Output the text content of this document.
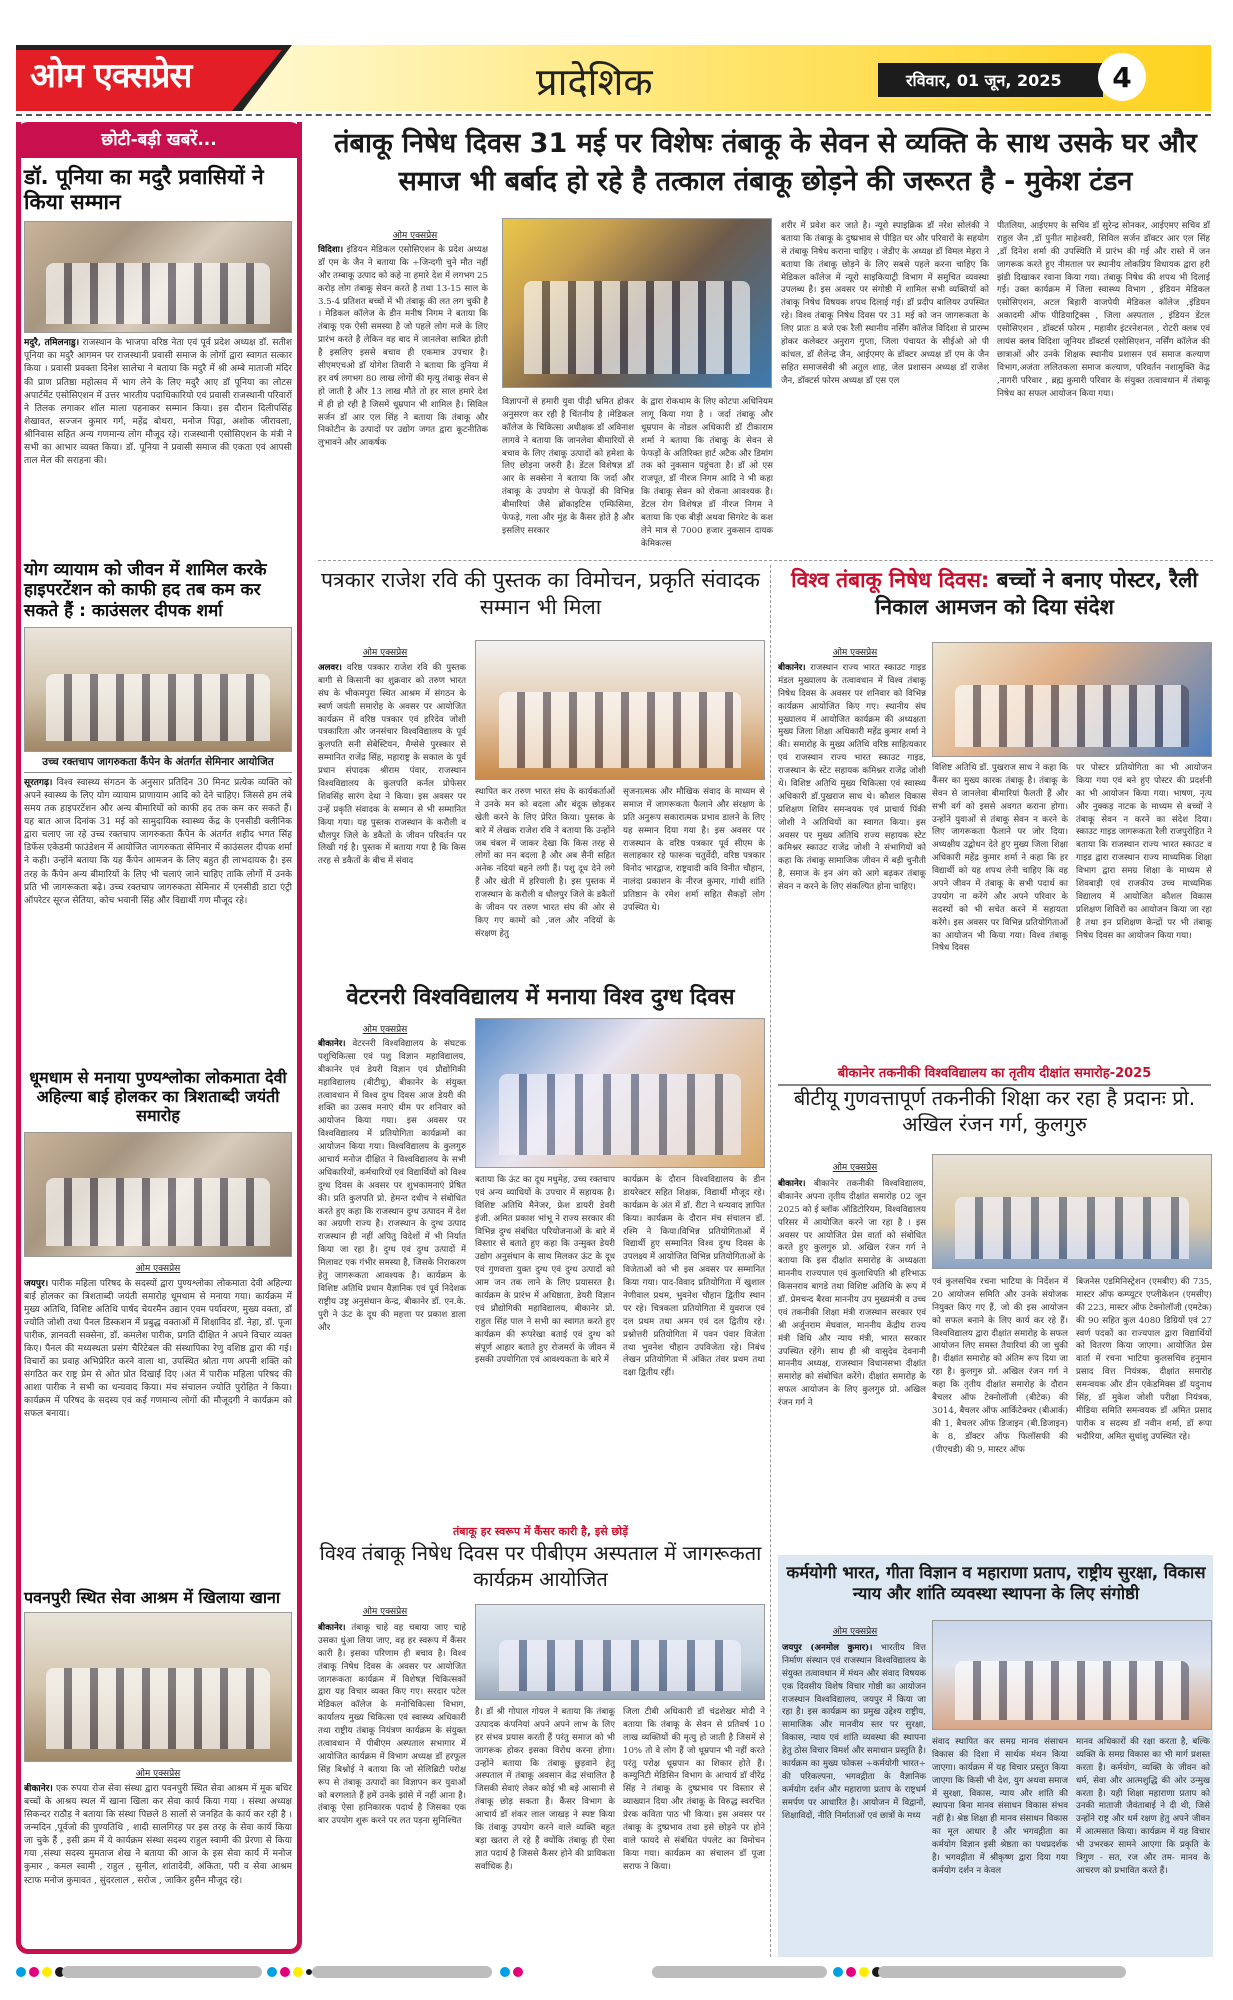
ओम एक्सप्रेस	प्रादेशिक	रविवार, 01 जून, 2025	4
छोटी-बड़ी खबरें...
डॉ. पूनिया का मदुरै प्रवासियों ने किया सम्मान
मदुरै, तमिलनाडु। राजस्थान के भाजपा वरिष्ठ नेता एवं पूर्व प्रदेश अध्यक्ष डॉ. सतीश पूनिया का मदुरै आगमन पर राजस्थानी प्रवासी समाज के लोगों द्वारा स्वागत सत्कार किया । प्रवासी प्रवक्ता दिनेश सालेचा ने बताया कि मदुरै में श्री अम्बे माताजी मंदिर की प्राण प्रतिष्ठा महोत्सव में भाग लेने के लिए मदुरै आए डॉ पूनिया का लोटस अपार्टमेंट एसोसिएशन में उत्तर भारतीय पदाधिकारियो एवं प्रवासी राजस्थानी परिवारों ने तिलक लगाकर शॉल माला पहनाकर सम्मान किया। इस दौरान दिलीपसिंह शेखावत, सज्जन कुमार गर्ग, महेंद्र बोथरा, मनोज पिढ़ा, अशोक जीरावला, श्रीनिवास सहित अन्य गणमान्य लोग मौजूद रहे। राजस्थानी एसोसिएशन के मंत्री ने सभी का आभार व्यक्त किया। डॉ. पूनिया ने प्रवासी समाज की एकता एवं आपसी ताल मेल की सराहना की।
योग व्यायाम को जीवन में शामिल करके हाइपरटेंशन को काफी हद तब कम कर सकते हैं : काउंसलर दीपक शर्मा
उच्च रक्तचाप जागरुकता कैंपेन के अंतर्गत सेमिनार आयोजित
सूरतगढ़। विश्व स्वास्थ्य संगठन के अनुसार प्रतिदिन 30 मिनट प्रत्येक व्यक्ति को अपने स्वास्थ्य के लिए योग व्यायाम प्राणायाम आदि को देने चाहिए। जिससे हम लंबे समय तक हाइपरटेंशन और अन्य बीमारियों को काफी हद तक कम कर सकते हैं। यह बात आज दिनांक 31 मई को सामुदायिक स्वास्थ्य केंद्र के एनसीडी क्लीनिक द्वारा चलाए जा रहे उच्च रक्तचाप जागरुकता कैंपेन के अंतर्गत शहीद भगत सिंह डिफेंस एकेडमी फाउंडेशन में आयोजित जागरुकता सेमिनार में काउंसलर दीपक शर्मा ने कही। उन्होंने बताया कि यह कैंपेन आमजन के लिए बहुत ही लाभदायक है। इस तरह के कैंपेन अन्य बीमारियों के लिए भी चलाएं जाने चाहिए ताकि लोगों में उनके प्रति भी जागरूकता बढ़े। उच्च रक्तचाप जागरुकता सेमिनार में एनसीडी डाटा एंट्री ऑपरेटर सूरज सेतिया, कोच भवानी सिंह और विद्यार्थी गण मौजूद रहे।
धूमधाम से मनाया पुण्यश्लोका लोकमाता देवी अहिल्या बाई होलकर का त्रिशताब्दी जयंती समारोह
ओम एक्सप्रेस
जयपुर। पारीक महिला परिषद के सदस्यों द्वारा पुण्यश्लोका लोकमाता देवी अहिल्या बाई होलकर का त्रिशताब्दी जयंती समारोह धूमधाम से मनाया गया। कार्यक्रम में मुख्य अतिथि, विशिष्ट अतिथि पार्षद चेयरमैन उद्यान एवम पर्यावरण, मुख्य वक्ता, डॉ ज्योति जोशी तथा पैनल डिस्कशन में प्रबुद्ध वक्ताओं में शिक्षाविद डॉ. नेहा, डॉ. पूजा पारीक, ज्ञानवती सक्सेना, डॉ. कमलेश पारीक, प्रगति दीक्षित ने अपने विचार व्यक्त किए। पैनल की मध्यस्थता प्रसंग चैरिटेबल की संस्थापिका रेणु वशिष्ठ द्वारा की गई। विचारों का प्रवाह अभिप्रेरित करने वाला था, उपस्थित श्रोता गण अपनी शक्ति को संगठित कर राष्ट्र प्रेम से ओत प्रोत दिखाई दिए ।अंत में पारीक महिला परिषद की आशा पारीक ने सभी का धन्यवाद किया। मंच संचालन ज्योति पुरोहित ने किया। कार्यक्रम में परिषद के सदस्य एवं कई गणमान्य लोगों की मौजूदगी ने कार्यक्रम को सफल बनाया।
पवनपुरी स्थित सेवा आश्रम में खिलाया खाना
ओम एक्सप्रेस
बीकानेर। एक रुपया रोज सेवा संस्था द्वारा पवनपुरी स्थित सेवा आश्रम में मूक बधिर बच्चों के आश्रय स्थल में खाना खिला कर सेवा कार्य किया गया । संस्था अध्यक्ष सिकन्दर राठौड़ ने बताया कि संस्था पिछले 8 सालों से जनहित के कार्य कर रही है ।जन्मदिन ,पूर्वजो की पुण्यतिथि , शादी सालगिरह पर इस तरह के सेवा कार्य किया जा चुके हैं , इसी क्रम में ये कार्यक्रम संस्था सदस्य राहुल स्वामी की प्रेरणा से किया गया ,संस्था सदस्य मुमताज शेख ने बताया की आज के इस सेवा कार्य में मनोज कुमार , कमल स्वामी , राहुल , सुनील, शांतादेवी, अंकिता, परी व सेवा आश्रम स्टाफ मनोज कुमावत , सुंदरलाल , सरोज , जाकिर हुसैन मौजूद रहे।
तंबाकू निषेध दिवस 31 मई पर विशेषः तंबाकू के सेवन से व्यक्ति के साथ उसके घर और समाज भी बर्बाद हो रहे है तत्काल तंबाकू छोड़ने की जरूरत है - मुकेश टंडन
ओम एक्सप्रेस
विदिशा। इंडियन मेडिकल एसोसिएशन के प्रदेश अध्यक्ष डॉ एम के जैन ने बताया कि ÷जिन्दगी चुने मौत नहीं और तम्बाकू उत्पाद को कहे ना हमारे देश में लगभग 25 करोड़ लोग तंबाकू सेवन करते है तथा 13-15 साल के 3.5-4 प्रतिशत बच्चों में भी तंबाकू की लत लग चुकी है । मेडिकल कॉलेज के डीन मनीष निगम ने बताया कि तंबाकू एक ऐसी समस्या है जो पहले लोग मजे के लिए प्रारंभ करते है लेकिन वह बाद में जानलेवा साबित होती है इसलिए इससे बचाव ही एकमात्र उपचार है। सीएमएचओ डॉ योगेश तिवारी ने बताया कि दुनिया में हर वर्ष लगभग 80 लाख लोगों की मृत्यु तंबाकू सेवन से हो जाती है और 13 लाख मौते तो हर साल हमारे देश में ही हो रही है जिसमें धूम्रपान भी शामिल है। सिविल सर्जन डॉ आर एल सिंह ने बताया कि तंबाकू और निकोटीन के उत्पादों पर उद्योग जगत द्वारा कूटनीतिक लुभावने और आकर्षक
विज्ञापनों से हमारी युवा पीढ़ी भ्रमित होकर अनुसरण कर रही है चिंतनीय है ।मेडिकल कॉलेज के चिकित्सा अधीक्षक डॉ अविनाश लागवे ने बताया कि जानलेवा बीमारियों से बचाव के लिए तंबाकू उत्पादों को हमेशा के लिए छोड़ना जरुरी है। डेंटल विशेषज्ञ डॉ आर के सक्सेना ने बताया कि जर्दा और तंबाकू के उपयोग से फेफड़ों की विभिन्न बीमारियां जैसे ब्रोंकाइटिस एम्फिसिमा, फेफड़े, गला और मुंह के कैंसर होते है और इसलिए सरकार
के द्वारा रोकथाम के लिए कोटपा अधिनियम लागू किया गया है । जर्दा तंबाकू और धूम्रपान के नोडल अधिकारी डॉ टीकाराम शर्मा ने बताया कि तंबाकू के सेवन से फेफड़ों के अतिरिक्त हार्ट अटैक और डिमांग तक को नुकसान पहुंचता है। डॉ ओ एस राजपूत, डॉ नीरज निगम आदि ने भी कहा कि तंबाकू सेवन को रोकना आवश्यक है। डेंटल रोग विशेषज्ञ डॉ नीरज निगम ने बताया कि एक बीड़ी अथवा सिगरेट के कश लेने मात्र से 7000 हजार नुकसान दायक केमिकल्स
शरीर में प्रवेश कर जाते है। न्यूरो स्पाइक्रिक डॉ नरेश सोलंकी ने बताया कि तंबाकू के दुष्प्रभाव से पीड़ित घर और परिवारों के सहयोग से तंबाकू निषेध कराना चाहिए । जेडीए के अध्यक्ष डॉ विमल मेहरा ने बताया कि तंबाकू छोड़ने के लिए सबसे पहले करना चाहिए कि मेडिकल कॉलेज में न्यूरो साइकियाट्री विभाग में समुचित व्यवस्था उपलब्ध है। इस अवसर पर संगोष्ठी में शामिल सभी व्यक्तियों को तंबाकू निषेध विषयक शपथ दिलाई गई। डॉ प्रदीप बालियर उपस्थित रहे। विश्व तंबाकू निषेध दिवस पर 31 मई को जन जागरूकता के लिए प्रातः 8 बजे एक रैली स्थानीय नर्सिंग कॉलेज विदिशा से प्रारम्भ होकर कलेक्टर अनुराग गुप्ता, जिला पंचायत के सीईओ ओ पी कांधल, डॉ शैलेन्द्र जैन, आईएमए के डॉक्टर अध्यक्ष डॉ एम के जैन सहित समाजसेवी श्री अतुल शाह, जेल प्रशासन अध्यक्ष डॉ राजेश जैन, डॉक्टर्स फोरम अध्यक्ष डॉ एस एल
पीतलिया, आईएमए के सचिव डॉ सुरेन्द्र सोनकर, आईएमए सचिव डॉ राहुल जैन ,डॉ पुनीत माहेश्वरी, सिविल सर्जन डॉक्टर आर एल सिंह ,डॉ दिनेश शर्मा की उपस्थिति में प्रारंभ की गई और रास्ते में जन जागरूक करते हुए नीमताल पर स्थानीय लोकप्रिय विधायक द्वारा हरी झंडी दिखाकर रवाना किया गया। तंबाकू निषेध की शपथ भी दिलाई गई। उक्त कार्यक्रम में जिला स्वास्थ्य विभाग , इंडियन मेडिकल एसोसिएशन, अटल बिहारी वाजपेयी मेडिकल कॉलेज ,इंडियन अकादमी ऑफ पीडियाट्रिक्स , जिला अस्पताल , इंडियन डेंटल एसोसिएशन , डॉक्टर्स फोरम , महावीर इंटरनेशनल , रोटरी क्लब एवं लायंस क्लब विदिशा जूनियर डॉक्टर्स एसोसिएशन, नर्सिंग कॉलेज की छात्राओं और उनके शिक्षक स्थानीय प्रशासन एवं समाज कल्याण विभाग,अजंता ललितकला समाज कल्याण, परिवर्तन नशामुक्ति केंद्र ,नागरी परिवार , ब्रह्म कुमारी परिवार के संयुक्त तत्वावधान में तंबाकू निषेध का सफल आयोजन किया गया।
पत्रकार राजेश रवि की पुस्तक का विमोचन, प्रकृति संवादक सम्मान भी मिला
ओम एक्सप्रेस
अलवर। वरिष्ठ पत्रकार राजेश रवि की पुस्तक बागी से किसानी का शुक्रवार को तरुण भारत संघ के भीकमपुरा स्थित आश्रम में संगठन के स्वर्ण जयंती समारोह के अवसर पर आयोजित कार्यक्रम में वरिष्ठ पत्रकार एवं हरिदेव जोशी पत्रकारिता और जनसंचार विश्वविद्यालय के पूर्व कुलपति सनी सेबेस्टियन, मैग्सेसे पुरस्कार से सम्मानित राजेंद्र सिंह, महाराष्ट्र के सकाल के पूर्व प्रधान संपादक श्रीराम पंवार, राजस्थान विश्वविद्यालय के कुलपति कर्नल प्रोफेसर शिवसिंह सारंग देथा ने किया। इस अवसर पर उन्हें प्रकृति संवादक के सम्मान से भी सम्मानित किया गया। यह पुस्तक राजस्थान के करौली व धौलपुर जिले के डकैतों के जीवन परिवर्तन पर लिखी गई है। पुस्तक में बताया गया है कि किस तरह से डकैतों के बीच में संवाद
स्थापित कर तरुण भारत संघ के कार्यकर्ताओं ने उनके मन को बदला और बंदूक छोड़कर खेती करने के लिए प्रेरित किया। पुस्तक के बारे में लेखक राजेश रवि ने बताया कि उन्होंने जब चंबल में जाकर देखा कि किस तरह से लोगों का मन बदला है और अब सैनी सहित अनेक नदियां बहने लगी हैं। पशु दूध देने लगे हैं और खेती में हरियाली है। इस पुस्तक में राजस्थान के करौली व धौलपुर जिले के डकैतों के जीवन पर तरुण भारत संघ की ओर से किए गए कामों को ,जल और नदियों के संरक्षण हेतु
सृजनात्मक और मौखिक संवाद के माध्यम से समाज में जागरूकता फैलाने और संरक्षण के प्रति अनुरूप सकारात्मक प्रभाव डालने के लिए यह सम्मान दिया गया है। इस अवसर पर राजस्थान के वरिष्ठ पत्रकार पूर्व सीएम के सलाहकार रहे फारूक चतुर्वेदी, वरिष्ठ पत्रकार विनोद भारद्वाज, राष्ट्रवादी कवि विनीत चौहान, नालंदा प्रकाशन के नीरज कुमार, गांधी शांति प्रतिष्ठान के रमेश शर्मा सहित सैकड़ों लोग उपस्थित थे।
वेटरनरी विश्वविद्यालय में मनाया विश्व दुग्ध दिवस
ओम एक्सप्रेस
बीकानेर। वेटरनरी विश्वविद्यालय के संघटक पशुचिकित्सा एवं पशु विज्ञान महाविद्यालय, बीकानेर एवं डेयरी विज्ञान एवं प्रौद्योगिकी महाविद्यालय (बीटीयू), बीकानेर के संयुक्त तत्वावधान में विश्व दुग्ध दिवस आज डेयरी की शक्ति का उत्सव मनाएं थीम पर शनिवार को आयोजन किया गया। इस अवसर पर विश्वविद्यालय में प्रतियोगिता कार्यक्रमों का आयोजन किया गया। विश्वविद्यालय के कुलगुरु आचार्य मनोज दीक्षित ने विश्वविद्यालय के सभी अधिकारियों, कर्मचारियों एवं विद्यार्थियों को विश्व दुग्ध दिवस के अवसर पर शुभकामनाएं प्रेषित की। प्रति कुलपति प्रो. हेमन्त दधीच ने संबोधित करते हुए कहा कि राजस्थान दुग्ध उत्पादन में देश का अग्रणी राज्य है। राजस्थान के दुग्ध उत्पाद राजस्थान ही नहीं अपितु विदेशों में भी निर्यात किया जा रहा है। दुग्ध एवं दुग्ध उत्पादों में मिलावट एक गंभीर समस्या है, जिसके निराकरण हेतु जागरूकता आवश्यक है। कार्यक्रम के विशिष्ट अतिथि प्रधान वैज्ञानिक एवं पूर्व निदेशक राष्ट्रीय उष्ट्र अनुसंधान केन्द्र, बीकानेर डॉ. एन.के. पुरी ने ऊंट के दूध की महत्ता पर प्रकाश डाला और
बताया कि ऊंट का दूध मधुमेह, उच्च रक्तचाप एवं अन्य व्याधियों के उपचार में सहायक है। विशिष्ट अतिथि मैनेजर, फ्रेश डायरी डेवरी इंजी. अमित प्रकाश भांभू ने राज्य सरकार की विभिन्न दुग्ध संबंधित परियोजनाओं के बारे में विस्तार से बताते हुए कहा कि उन्मुक्त डेयरी उद्योग अनुसंधान के साथ मिलकर ऊंट के दूध एवं गुणवत्ता युक्त दुग्ध एवं दुग्ध उत्पादों को आम जन तक लाने के लिए प्रयासरत है। कार्यक्रम के प्रारंभ में अधिष्ठाता, डेयरी विज्ञान एवं प्रौद्योगिकी महाविद्यालय, बीकानेर प्रो. राहुल सिंह पाल ने सभी का स्वागत करते हुए कार्यक्रम की रूपरेखा बताई एवं दुग्ध को संपूर्ण आहार बताते हुए रोजमर्रा के जीवन में इसकी उपयोगिता एवं आवश्यकता के बारे में
कार्यक्रम के दौरान विश्वविद्यालय के डीन डायरेक्टर सहित शिक्षक, विद्यार्थी मौजूद रहे। कार्यक्रम के अंत में डॉ. रीटा ने धन्यवाद ज्ञापित किया। कार्यक्रम के दौरान मंच संचालन डॉ. रश्मि ने किया।विभिन्न प्रतियोगिताओं में विद्यार्थी हुए सम्मानित विश्व दुग्ध दिवस के उपलक्ष्य में आयोजित विभिन्न प्रतियोगिताओं के विजेताओं को भी इस अवसर पर सम्मानित किया गया। पाद-विवाद प्रतियोगिता में खुशाल नेणीवाल प्रथम, भुवनेश चौहान द्वितीय स्थान पर रहे। चित्रकला प्रतियोगिता में युवराज एवं दल प्रथम तथा अमन एवं दल द्वितीय रहे। प्रश्नोत्तरी प्रतियोगिता में पवन पंवार विजेता तथा भुवनेश चौहान उपविजेता रहे। निबंध लेखन प्रतियोगिता में अंकित तंवर प्रथम तथा दक्षा द्वितीय रहीं।
तंबाकू हर स्वरूप में कैंसर कारी है, इसे छोड़ें
विश्व तंबाकू निषेध दिवस पर पीबीएम अस्पताल में जागरूकता कार्यक्रम आयोजित
ओम एक्सप्रेस
बीकानेर। तंबाकू चाहे वह चबाया जाए चाहे उसका धुंआ लिया जाए, वह हर स्वरूप में कैंसर कारी है। इसका परिणाम ही बचाव है। विश्व तंबाकू निषेध दिवस के अवसर पर आयोजित जागरूकता कार्यक्रम में विशेषज्ञ चिकित्सकों द्वारा यह विचार व्यक्त किए गए। सरदार पटेल मेडिकल कॉलेज के मनोचिकित्सा विभाग, कार्यालय मुख्य चिकित्सा एवं स्वास्थ्य अधिकारी तथा राष्ट्रीय तंबाकू नियंत्रण कार्यक्रम के संयुक्त तत्वावधान में पीबीएम अस्पताल सभागार में आयोजित कार्यक्रम में विभाग अध्यक्ष डॉ हरफूल सिंह बिश्नोई ने बताया कि जो सेलिब्रिटी परोक्ष रूप से तंबाकू उत्पादों का विज्ञापन कर युवाओं को बरगलाते हैं हमें उनके झांसे में नहीं आना है। तंबाकू ऐसा हानिकारक पदार्थ है जिसका एक बार उपयोग शुरू करने पर लत पड़ना सुनिश्चित
है। डॉ श्री गोपाल गोयल ने बताया कि तंबाकू उत्पादक कंपनियां अपने अपने लाभ के लिए हर संभव प्रयास करती हैं परंतु समाज को भी जागरूक होकर इसका विरोध करना होगा। उन्होंने बताया कि तंबाकू छुड़वाने हेतु अस्पताल में तंबाकू अवसान केंद्र संचालित है जिसकी सेवाएं लेकर कोई भी बड़े आसानी से तंबाकू छोड़ सकता है। कैंसर विभाग के आचार्य डॉ शंकर लाल जाखड़ ने स्पष्ट किया कि तंबाकू उपयोग करने वाले व्यक्ति बहुत बड़ा खतरा ले रहे हैं क्योंकि तंबाकू ही ऐसा ज्ञात पदार्थ है जिससे कैंसर होने की प्रायिकता सर्वाधिक है।
जिला टीबी अधिकारी डॉ चंद्रशेखर मोदी ने बताया कि तंबाकू के सेवन से प्रतिवर्ष 10 लाख व्यक्तियों की मृत्यु हो जाती है जिसमें से 10% तो वे लोग हैं जो धूम्रपान भी नहीं करते परंतु परोक्ष धूम्रपान का शिकार होते हैं। कम्युनिटी मेडिसिन विभाग के आचार्य डॉ वीरेंद्र सिंह ने तंबाकू के दुष्प्रभाव पर विस्तार से व्याख्यान दिया और तंबाकू के विरुद्ध स्वरचित प्रेरक कविता पाठ भी किया। इस अवसर पर तंबाकू के दुष्प्रभाव तथा इसे छोड़ने पर होने वाले फायदे से संबंधित पंपलेट का विमोचन किया गया। कार्यक्रम का संचालन डॉ पूजा सराफ ने किया।
विश्व तंबाकू निषेध दिवस: बच्चों ने बनाए पोस्टर, रैली निकाल आमजन को दिया संदेश
ओम एक्सप्रेस
बीकानेर। राजस्थान राज्य भारत स्काउट गाइड मंडल मुख्यालय के तत्वावधान में विश्व तंबाकू निषेध दिवस के अवसर पर शनिवार को विभिन्न कार्यक्रम आयोजित किए गए। स्थानीय संघ मुख्यालय में आयोजित कार्यक्रम की अध्यक्षता मुख्य जिला शिक्षा अधिकारी महेंद्र कुमार शर्मा ने की। समारोह के मुख्य अतिथि वरिष्ठ साहित्यकार एवं राजस्थान राज्य भारत स्काउट गाइड, राजस्थान के स्टेट सहायक कमिश्नर राजेंद्र जोशी थे। विशिष्ट अतिथि मुख्य चिकित्सा एवं स्वास्थ्य अधिकारी डॉ.पुखराज साध थे। कौशल विकास प्रशिक्षण शिविर समन्वयक एवं प्राचार्य पिंकी जोशी ने अतिथियों का स्वागत किया। इस अवसर पर मुख्य अतिथि राज्य सहायक स्टेट कमिश्नर स्काउट राजेंद्र जोशी ने संभागियों को कहा कि तंबाकू सामाजिक जीवन में बड़ी चुनौती है, समाज के इन अंग को आगे बढ़कर तंबाकू सेवन न करने के लिए संकल्पित होना चाहिए।
विशिष्ट अतिथि डॉ. पुखराज साध ने कहा कि कैंसर का मुख्य कारक तंबाकू है। तंबाकू के सेवन से जानलेवा बीमारियां फैलती हैं और सभी वर्ग को इससे अवगत कराना होगा। उन्होंने युवाओं से तंबाकू सेवन न करने के लिए जागरूकता फैलाने पर जोर दिया। अध्यक्षीय उद्बोधन देते हुए मुख्य जिला शिक्षा अधिकारी महेंद्र कुमार शर्मा ने कहा कि हर विद्यार्थी को यह शपथ लेनी चाहिए कि वह अपने जीवन में तंबाकू के सभी पदार्थ का उपयोग ना करेंगे और अपने परिवार के सदस्यों को भी सचेत करने में सहायता करेंगे। इस अवसर पर विभिन्न प्रतियोगिताओं का आयोजन भी किया गया। विश्व तंबाकू निषेध दिवस
पर पोस्टर प्रतियोगिता का भी आयोजन किया गया एवं बने हुए पोस्टर की प्रदर्शनी का भी आयोजन किया गया। भाषण, नृत्य और नुक्कड़ नाटक के माध्यम से बच्चों ने तंबाकू सेवन न करने का संदेश दिया। स्काउट गाइड जागरूकता रैली राजपुरोहित ने बताया कि राजस्थान राज्य भारत स्काउट व गाइड द्वारा राजस्थान राज्य माध्यमिक शिक्षा विभाग द्वारा समग्र शिक्षा के माध्यम से शिवबाड़ी एवं राजकीय उच्च माध्यमिक विद्यालय में आयोजित कौशल विकास प्रशिक्षण शिविरों का आयोजन किया जा रहा है तथा इन प्रशिक्षण केन्द्रों पर भी तंबाकू निषेध दिवस का आयोजन किया गया।
बीकानेर तकनीकी विश्वविद्यालय का तृतीय दीक्षांत समारोह-2025
बीटीयू गुणवत्तापूर्ण तकनीकी शिक्षा कर रहा है प्रदानः प्रो. अखिल रंजन गर्ग, कुलगुरु
ओम एक्सप्रेस
बीकानेर। बीकानेर तकनीकी विश्वविद्यालय, बीकानेर अपना तृतीय दीक्षांत समारोह 02 जून 2025 को ई ब्लॉक ऑडिटोरियम, विश्वविद्यालय परिसर में आयोजित करने जा रहा है । इस अवसर पर आयोजित प्रेस वार्ता को संबोधित करते हुए कुलगुरु प्रो. अखिल रंजन गर्ग ने बताया कि इस दीक्षांत समारोह के अध्यक्षता माननीय राज्यपाल एवं कुलाधिपति श्री हरिभाऊ किसनराव बागडे तथा विशिष्ट अतिथि के रूप में डॉ. प्रेमचन्द बैरवा माननीय उप मुख्यमंत्री व उच्च एवं तकनीकी शिक्षा मंत्री राजस्थान सरकार एवं श्री अर्जुनराम मेघवाल, माननीय केंद्रीय राज्य मंत्री विधि और न्याय मंत्री, भारत सरकार उपस्थित रहेंगे। साथ ही श्री वासुदेव देवनानी माननीय अध्यक्ष, राजस्थान विधानसभा दीक्षांत समारोह को संबोधित करेंगे। दीक्षांत समारोह के सफल आयोजन के लिए कुलगुरु प्रो. अखिल रंजन गर्ग ने
एवं कुलसचिव रचना भाटिया के निर्देशन में 20 आयोजन समिति और उनके संयोजक नियुक्त किए गए हैं, जो की इस आयोजन को सफल बनाने के लिए कार्य कर रहे हैं। विश्वविद्यालय द्वारा दीक्षांत समारोह के सफल आयोजन लिए समस्त तैयारियां की जा चुकी है। दीक्षांत समारोह को अंतिम रूप दिया जा रहा है। कुलगुरु प्रो. अखिल रंजन गर्ग ने कहा कि तृतीय दीक्षांत समारोह के दौरान बैचलर ऑफ टेक्नोलॉजी (बीटेक) की 3014, बैचलर ऑफ आर्किटेक्चर (बीआर्क) की 1, बैचलर ऑफ डिजाइन (बी.डिजाइन) के 8, डॉक्टर ऑफ फिलॉसफी की (पीएचडी) की 9, मास्टर ऑफ
बिजनेस एडमिनिस्ट्रेशन (एमबीए) की 735, मास्टर ऑफ कम्प्यूटर एप्लीकेशन (एमसीए) की 223, मास्टर ऑफ टेक्नोलॉजी (एमटेक) की 90 सहित कुल 4080 डिग्रियों एवं 27 स्वर्ण पदकों का राज्यपाल द्वारा विद्यार्थियों को वितरण किया जाएगा। आयोजित प्रेस वार्ता में रचना भाटिया कुलसचिव हनुमान प्रसाद वित्त नियंत्रक, दीक्षांत समारोह समन्वयक और डीन एकेडमिक्स डॉ यदुनाथ सिंह, डॉ मुकेश जोशी परीक्षा नियंत्रक, मीडिया समिति समन्वयक डॉ अमित प्रसाद पारीक व सदस्य डॉ नवीन शर्मा, डॉ रूपा भदौरिया, अमित सुधांशु उपस्थित रहे।
कर्मयोगी भारत, गीता विज्ञान व महाराणा प्रताप, राष्ट्रीय सुरक्षा, विकास न्याय और शांति व्यवस्था स्थापना के लिए संगोष्ठी
ओम एक्सप्रेस
जयपुर (अनमोल कुमार)। भारतीय वित्त निर्माण संस्थान एवं राजस्थान विश्वविद्यालय के संयुक्त तत्वावधान में मंथन और संवाद विषयक एक दिवसीय विशेष विचार गोष्ठी का आयोजन राजस्थान विश्वविद्यालय, जयपुर में किया जा रहा है। इस कार्यक्रम का प्रमुख उद्देश्य राष्ट्रीय, सामाजिक और मानवीय स्तर पर सुरक्षा, विकास, न्याय एवं शांति व्यवस्था की स्थापना हेतु ठोस विचार विमर्श और समाधान प्रस्तुति है। कार्यक्रम का मुख्य फोकस ÷कर्मयोगी भारत÷ की परिकल्पना, भगवद्गीता के वैज्ञानिक कर्मयोग दर्शन और महाराणा प्रताप के राष्ट्रधर्म समर्पण पर आधारित है। आयोजन में विद्वानों, शिक्षाविदों, नीति निर्माताओं एवं छात्रों के मध्य
संवाद स्थापित कर समग्र मानव संसाधन विकास की दिशा में सार्थक मंथन किया जाएगा। कार्यक्रम में यह विचार प्रस्तुत किया जाएगा कि किसी भी देश, युग अथवा समाज में सुरक्षा, विकास, न्याय और शांति की स्थापना बिना मानव संसाधन विकास संभव नहीं है। श्रेष्ठ शिक्षा ही मानव संसाधन विकास का मूल आधार है और भगवद्गीता का कर्मयोग विज्ञान इसी श्रेष्ठता का पथप्रदर्शक है। भगवद्गीता में श्रीकृष्ण द्वारा दिया गया कर्मयोग दर्शन न केवल
मानव अधिकारों की रक्षा करता है, बल्कि व्यक्ति के समग्र विकास का भी मार्ग प्रशस्त करता है। कर्मयोग, व्यक्ति के जीवन को धर्म, सेवा और आत्मशुद्धि की ओर उन्मुख करता है। यही शिक्षा महाराणा प्रताप को उनकी माताजी जैवंताबाई ने दी थी, जिसे उन्होंने राष्ट्र और धर्म रक्षण हेतु अपने जीवन में आत्मसात किया। कार्यक्रम में यह विचार भी उभरकर सामने आएगा कि प्रकृति के त्रिगुण - सत, रज और तम- मानव के आचरण को प्रभावित करते हैं।
